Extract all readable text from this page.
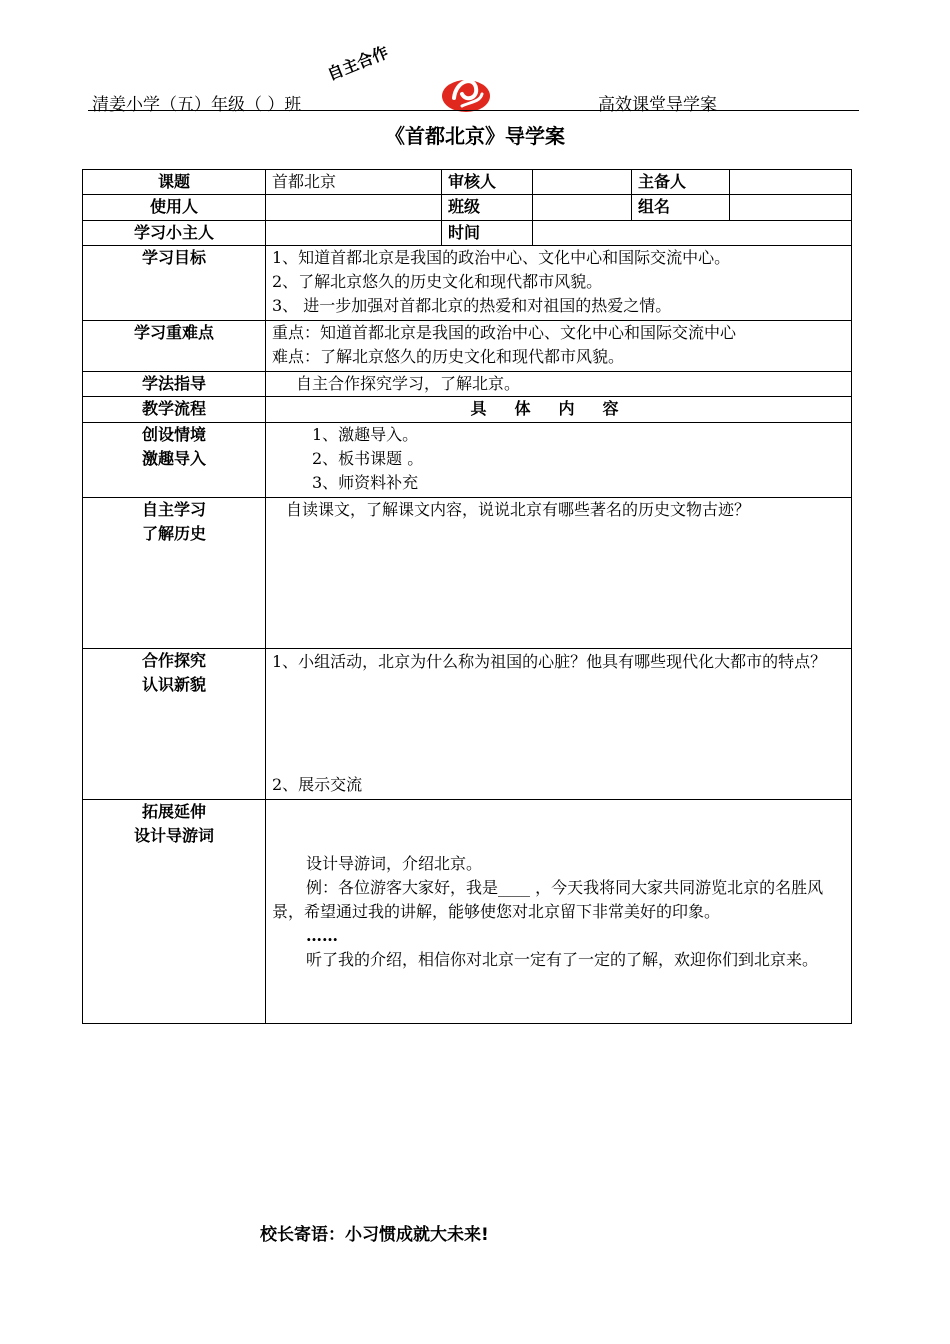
清姜小学（五）年级（ ）班
自主合作
高效课堂导学案
《首都北京》导学案
课题	首都北京	审核人		主备人	
使用人		班级		组名	
学习小主人		时间			
学习目标	1、知道首都北京是我国的政治中心、文化中心和国际交流中心。
2、了解北京悠久的历史文化和现代都市风貌。
3、 进一步加强对首都北京的热爱和对祖国的热爱之情。				

学习重难点	重点：知道首都北京是我国的政治中心、文化中心和国际交流中心
难点：了解北京悠久的历史文化和现代都市风貌。				

学法指导	自主合作探究学习，了解北京。				

教学流程	具体内容				

创设情境
激趣导入	1、激趣导入。
2、板书课题 。
3、师资料补充				

自主学习
了解历史	自读课文，了解课文内容，说说北京有哪些著名的历史文物古迹？				

合作探究
认识新貌	1、小组活动，北京为什么称为祖国的心脏？他具有哪些现代化大都市的特点？
2、展示交流				

拓展延伸
设计导游词	设计导游词，介绍北京。
例：各位游客大家好，我是____ ，今天我将同大家共同游览北京的名胜风景，希望通过我的讲解，能够使您对北京留下非常美好的印象。
……
听了我的介绍，相信你对北京一定有了一定的了解，欢迎你们到北京来。				
校长寄语：小习惯成就大未来!
